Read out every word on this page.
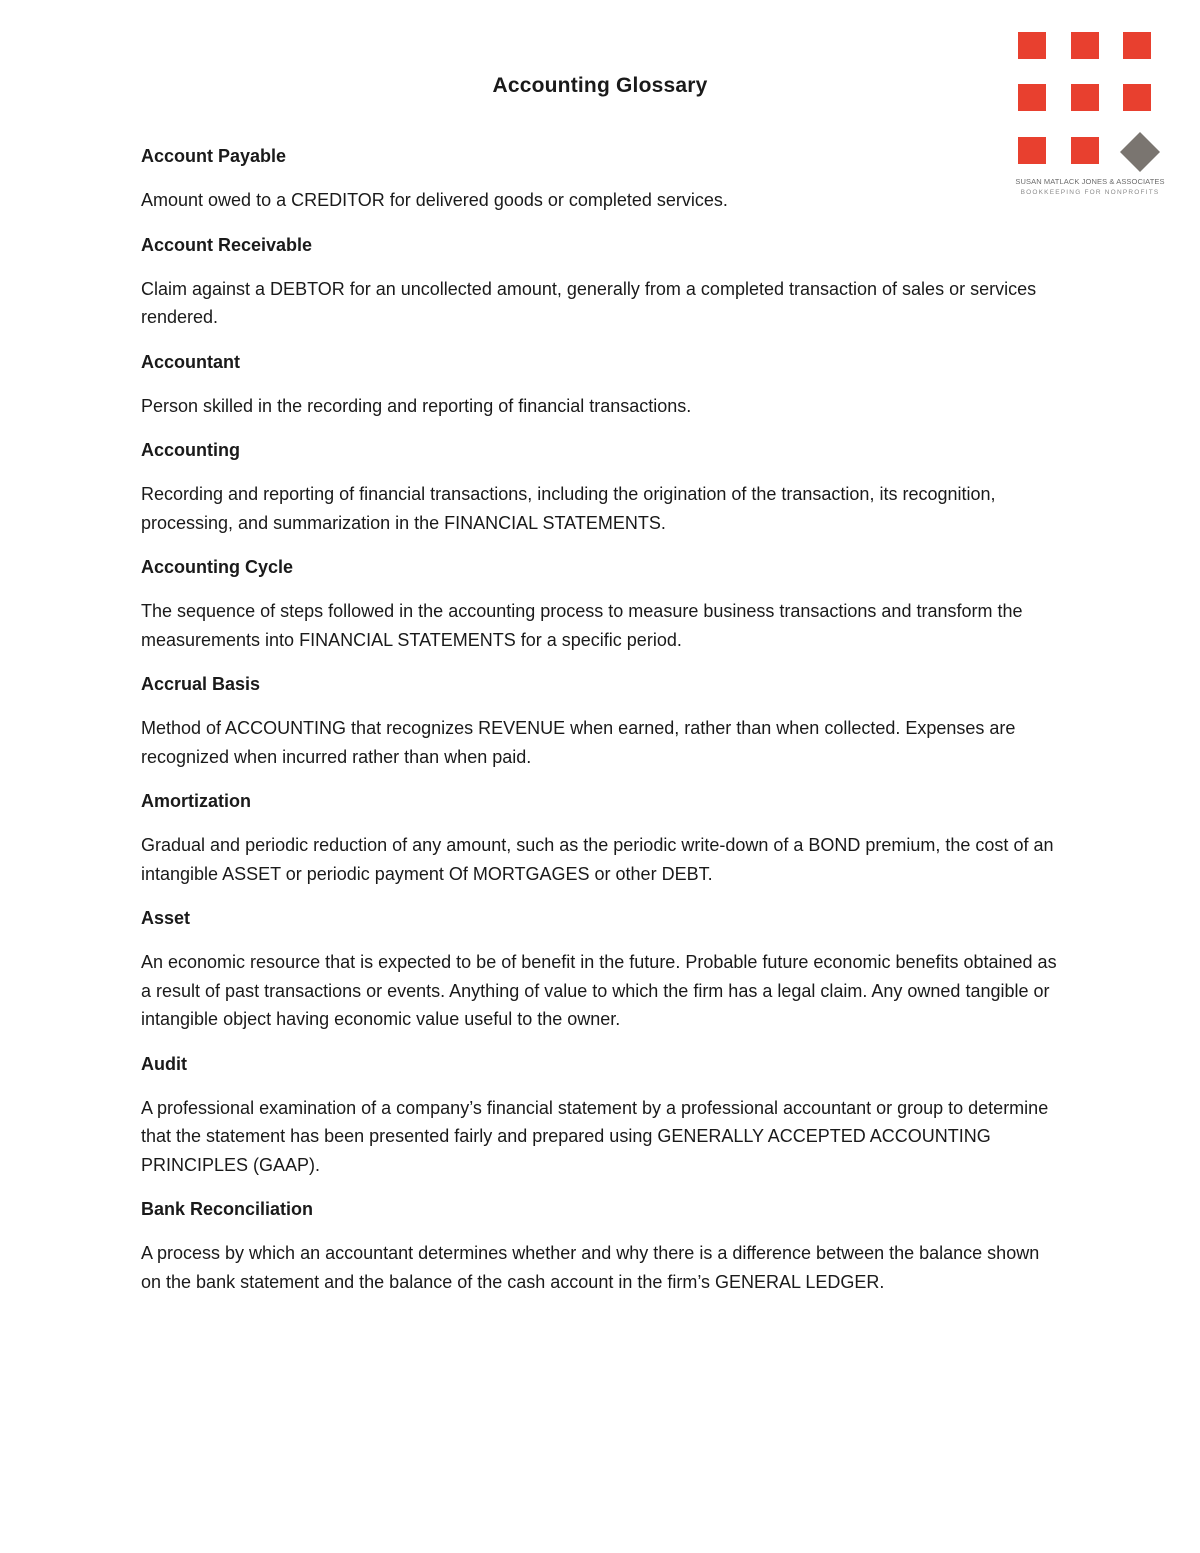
Accounting Glossary
SUSAN MATLACK JONES & ASSOCIATES
BOOKKEEPING FOR NONPROFITS

Account Payable

Amount owed to a CREDITOR for delivered goods or completed services.

Account Receivable

Claim against a DEBTOR for an uncollected amount, generally from a completed transaction of sales or services rendered.

Accountant

Person skilled in the recording and reporting of financial transactions.

Accounting

Recording and reporting of financial transactions, including the origination of the transaction, its recognition, processing, and summarization in the FINANCIAL STATEMENTS.

Accounting Cycle

The sequence of steps followed in the accounting process to measure business transactions and transform the measurements into FINANCIAL STATEMENTS for a specific period.

Accrual Basis

Method of ACCOUNTING that recognizes REVENUE when earned, rather than when collected. Expenses are recognized when incurred rather than when paid.

Amortization

Gradual and periodic reduction of any amount, such as the periodic write-down of a BOND premium, the cost of an intangible ASSET or periodic payment Of MORTGAGES or other DEBT.

Asset

An economic resource that is expected to be of benefit in the future. Probable future economic benefits obtained as a result of past transactions or events. Anything of value to which the firm has a legal claim. Any owned tangible or intangible object having economic value useful to the owner.

Audit

A professional examination of a company’s financial statement by a professional accountant or group to determine that the statement has been presented fairly and prepared using GENERALLY ACCEPTED ACCOUNTING PRINCIPLES (GAAP).

Bank Reconciliation

A process by which an accountant determines whether and why there is a difference between the balance shown on the bank statement and the balance of the cash account in the firm’s GENERAL LEDGER.
